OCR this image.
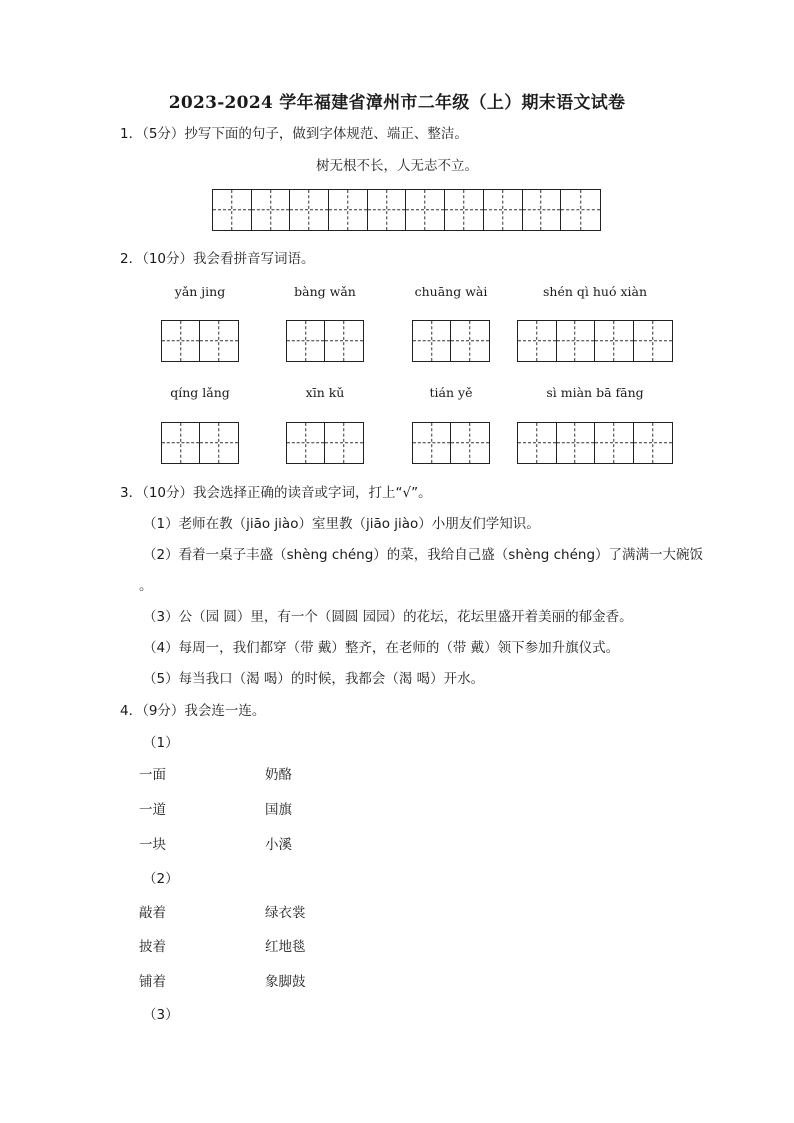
2023-2024 学年福建省漳州市二年级（上）期末语文试卷
1．（5分）抄写下面的句子，做到字体规范、端正、整洁。
树无根不长，人无志不立。
2．（10分）我会看拼音写词语。
yǎn jing	bàng wǎn	chuāng wài	shén qì huó xiàn
qíng lǎng	xīn kǔ	tián yě	sì miàn bā fāng
3．（10分）我会选择正确的读音或字词，打上“√”。
（1）老师在教（jiāo jiào）室里教（jiāo jiào）小朋友们学知识。
（2）看着一桌子丰盛（shèng chéng）的菜，我给自己盛（shèng chéng）了满满一大碗饭
。
（3）公（园 圆）里，有一个（圆圆 园园）的花坛，花坛里盛开着美丽的郁金香。
（4）每周一，我们都穿（带 戴）整齐，在老师的（带 戴）领下参加升旗仪式。
（5）每当我口（渴 喝）的时候，我都会（渴 喝）开水。
4．（9分）我会连一连。
（1）
一面	奶酪
一道	国旗
一块	小溪
（2）
敲着	绿衣裳
披着	红地毯
铺着	象脚鼓
（3）
